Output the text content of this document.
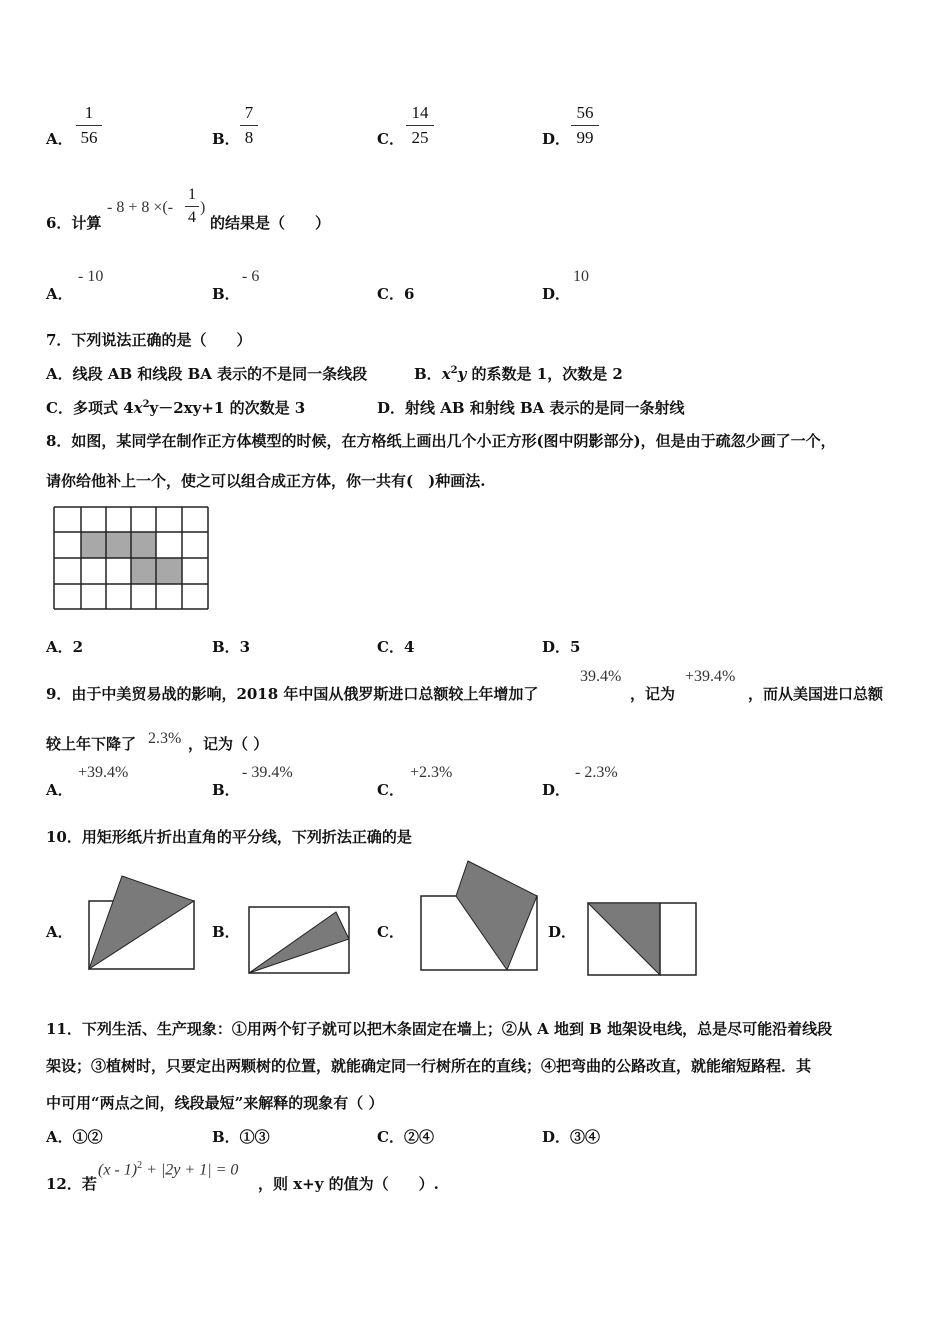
A．
1
56	B．
7
8	C．
14
25	D．
56
99
6．计算
- 8 + 8 ×(-
1
4
)
的结果是（　　）
A．
- 10
B．
- 6
C．6	D．
10
7．下列说法正确的是（　　）
A．线段 AB 和线段 BA 表示的不是同一条线段	B．$x^2y$ 的系数是 1，次数是 2
C．多项式 $4x^2y-2xy+1$ 的次数是 3	D．射线 AB 和射线 BA 表示的是同一条射线
8．如图，某同学在制作正方体模型的时候，在方格纸上画出几个小正方形(图中阴影部分)，但是由于疏忽少画了一个，
请你给他补上一个，使之可以组合成正方体，你一共有(　)种画法.
A．2	B．3	C．4	D．5
9．由于中美贸易战的影响，2018 年中国从俄罗斯进口总额较上年增加了
39.4%
，记为
+39.4%
，而从美国进口总额
较上年下降了 2.3% ，记为（ ）
A．
+39.4%
B．
- 39.4%
C．
+2.3%
D．
- 2.3%
10．用矩形纸片折出直角的平分线，下列折法正确的是
A．	B．	C．	D．
11．下列生活、生产现象：①用两个钉子就可以把木条固定在墙上；②从 A 地到 B 地架设电线，总是尽可能沿着线段
架设；③植树时，只要定出两颗树的位置，就能确定同一行树所在的直线；④把弯曲的公路改直，就能缩短路程．其
中可用“两点之间，线段最短”来解释的现象有（ ）
A．①②	B．①③	C．②④	D．③④
12．若
(x - 1)$^2$ + |2y + 1| = 0
，则 x+y 的值为（　　）.
